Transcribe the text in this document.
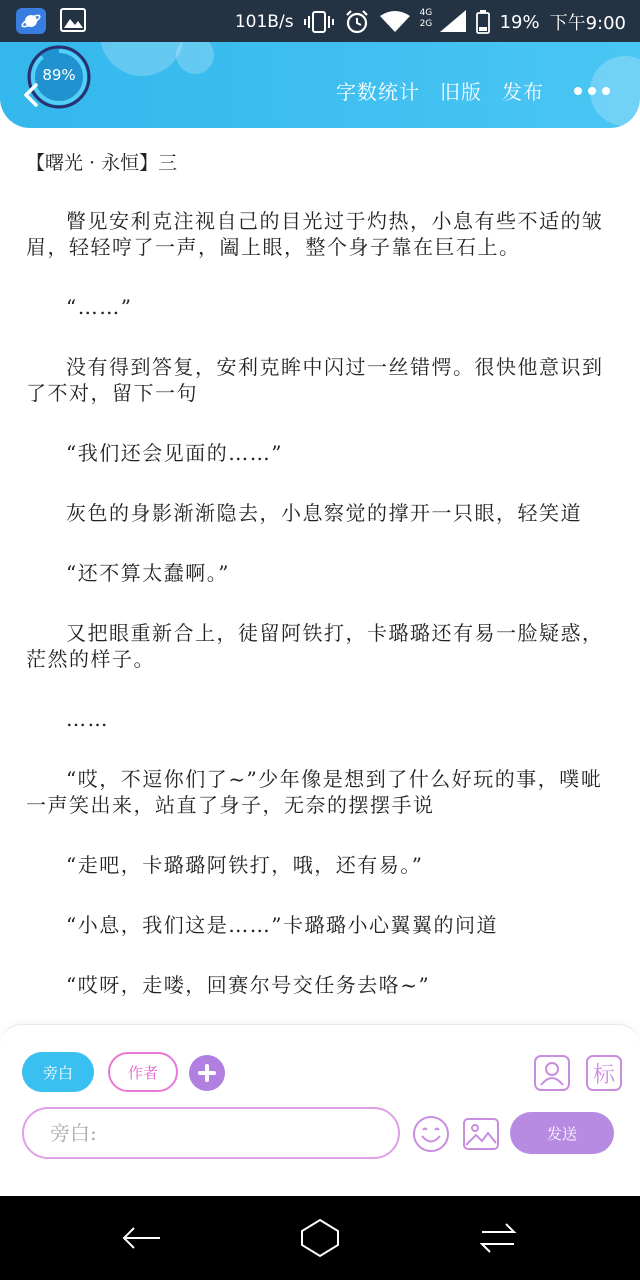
101B/s	4G
2G	19% 下午9:00
89%
字数统计 旧版 发布
【曙光 · 永恒】三
瞥见安利克注视自己的目光过于灼热，小息有些不适的皱眉，轻轻哼了一声，阖上眼，整个身子靠在巨石上。
“……”
没有得到答复，安利克眸中闪过一丝错愕。很快他意识到了不对，留下一句
“我们还会见面的……”
灰色的身影渐渐隐去，小息察觉的撑开一只眼，轻笑道
“还不算太蠢啊。”
又把眼重新合上，徒留阿铁打，卡璐璐还有易一脸疑惑，茫然的样子。
……
“哎，不逗你们了~”少年像是想到了什么好玩的事，噗呲一声笑出来，站直了身子，无奈的摆摆手说
“走吧，卡璐璐阿铁打，哦，还有易。”
“小息，我们这是……”卡璐璐小心翼翼的问道
“哎呀，走喽，回赛尔号交任务去咯~”
旁白	作者	标
旁白:
发送
